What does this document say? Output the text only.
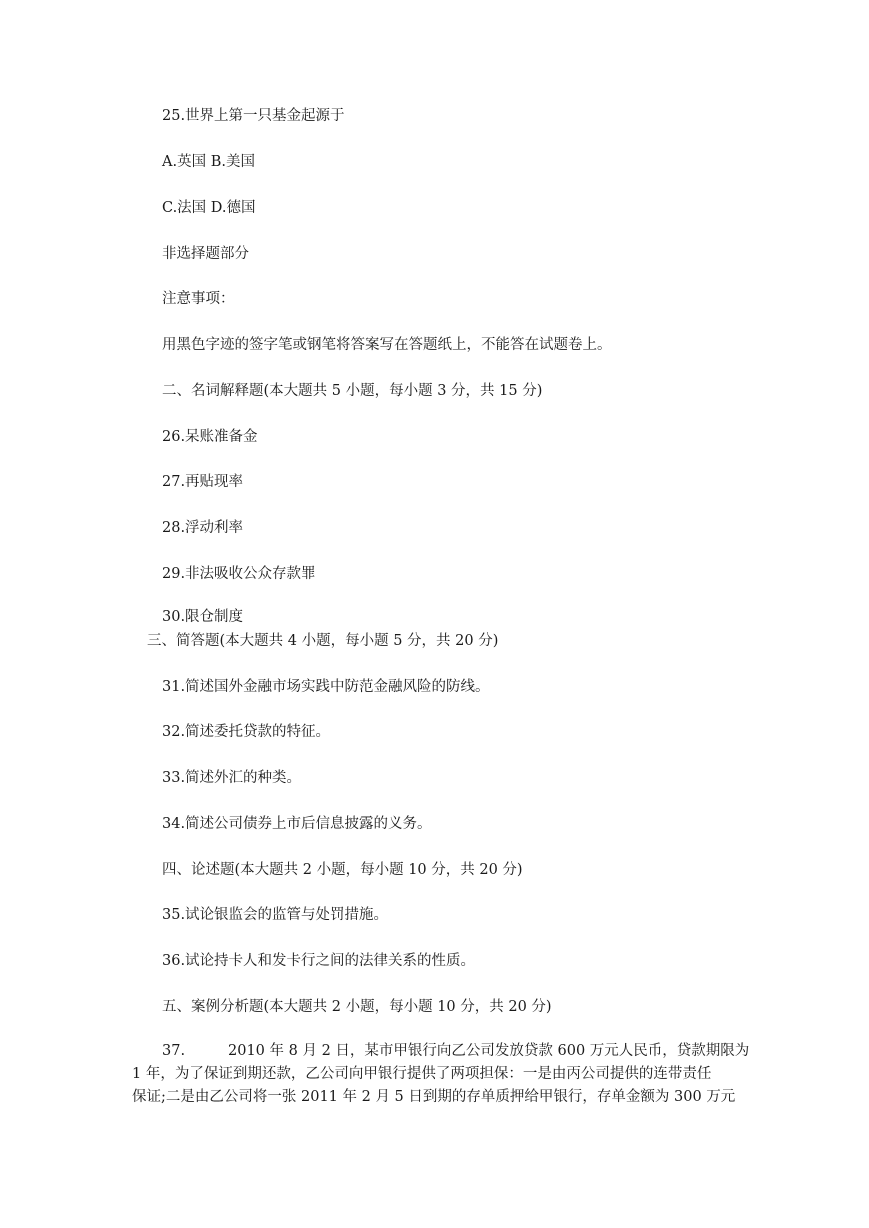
25.世界上第一只基金起源于
A.英国 B.美国
C.法国 D.德国
非选择题部分
注意事项：
用黑色字迹的签字笔或钢笔将答案写在答题纸上，不能答在试题卷上。
二、名词解释题(本大题共 5 小题，每小题 3 分，共 15 分)
26.呆账准备金
27.再贴现率
28.浮动利率
29.非法吸收公众存款罪
30.限仓制度
三、简答题(本大题共 4 小题，每小题 5 分，共 20 分)
31.简述国外金融市场实践中防范金融风险的防线。
32.简述委托贷款的特征。
33.简述外汇的种类。
34.简述公司债券上市后信息披露的义务。
四、论述题(本大题共 2 小题，每小题 10 分，共 20 分)
35.试论银监会的监管与处罚措施。
36.试论持卡人和发卡行之间的法律关系的性质。
五、案例分析题(本大题共 2 小题，每小题 10 分，共 20 分)
37.	2010 年 8 月 2 日，某市甲银行向乙公司发放贷款 600 万元人民币，贷款期限为
1 年，为了保证到期还款，乙公司向甲银行提供了两项担保：一是由丙公司提供的连带责任
保证;二是由乙公司将一张 2011 年 2 月 5 日到期的存单质押给甲银行，存单金额为 300 万元
